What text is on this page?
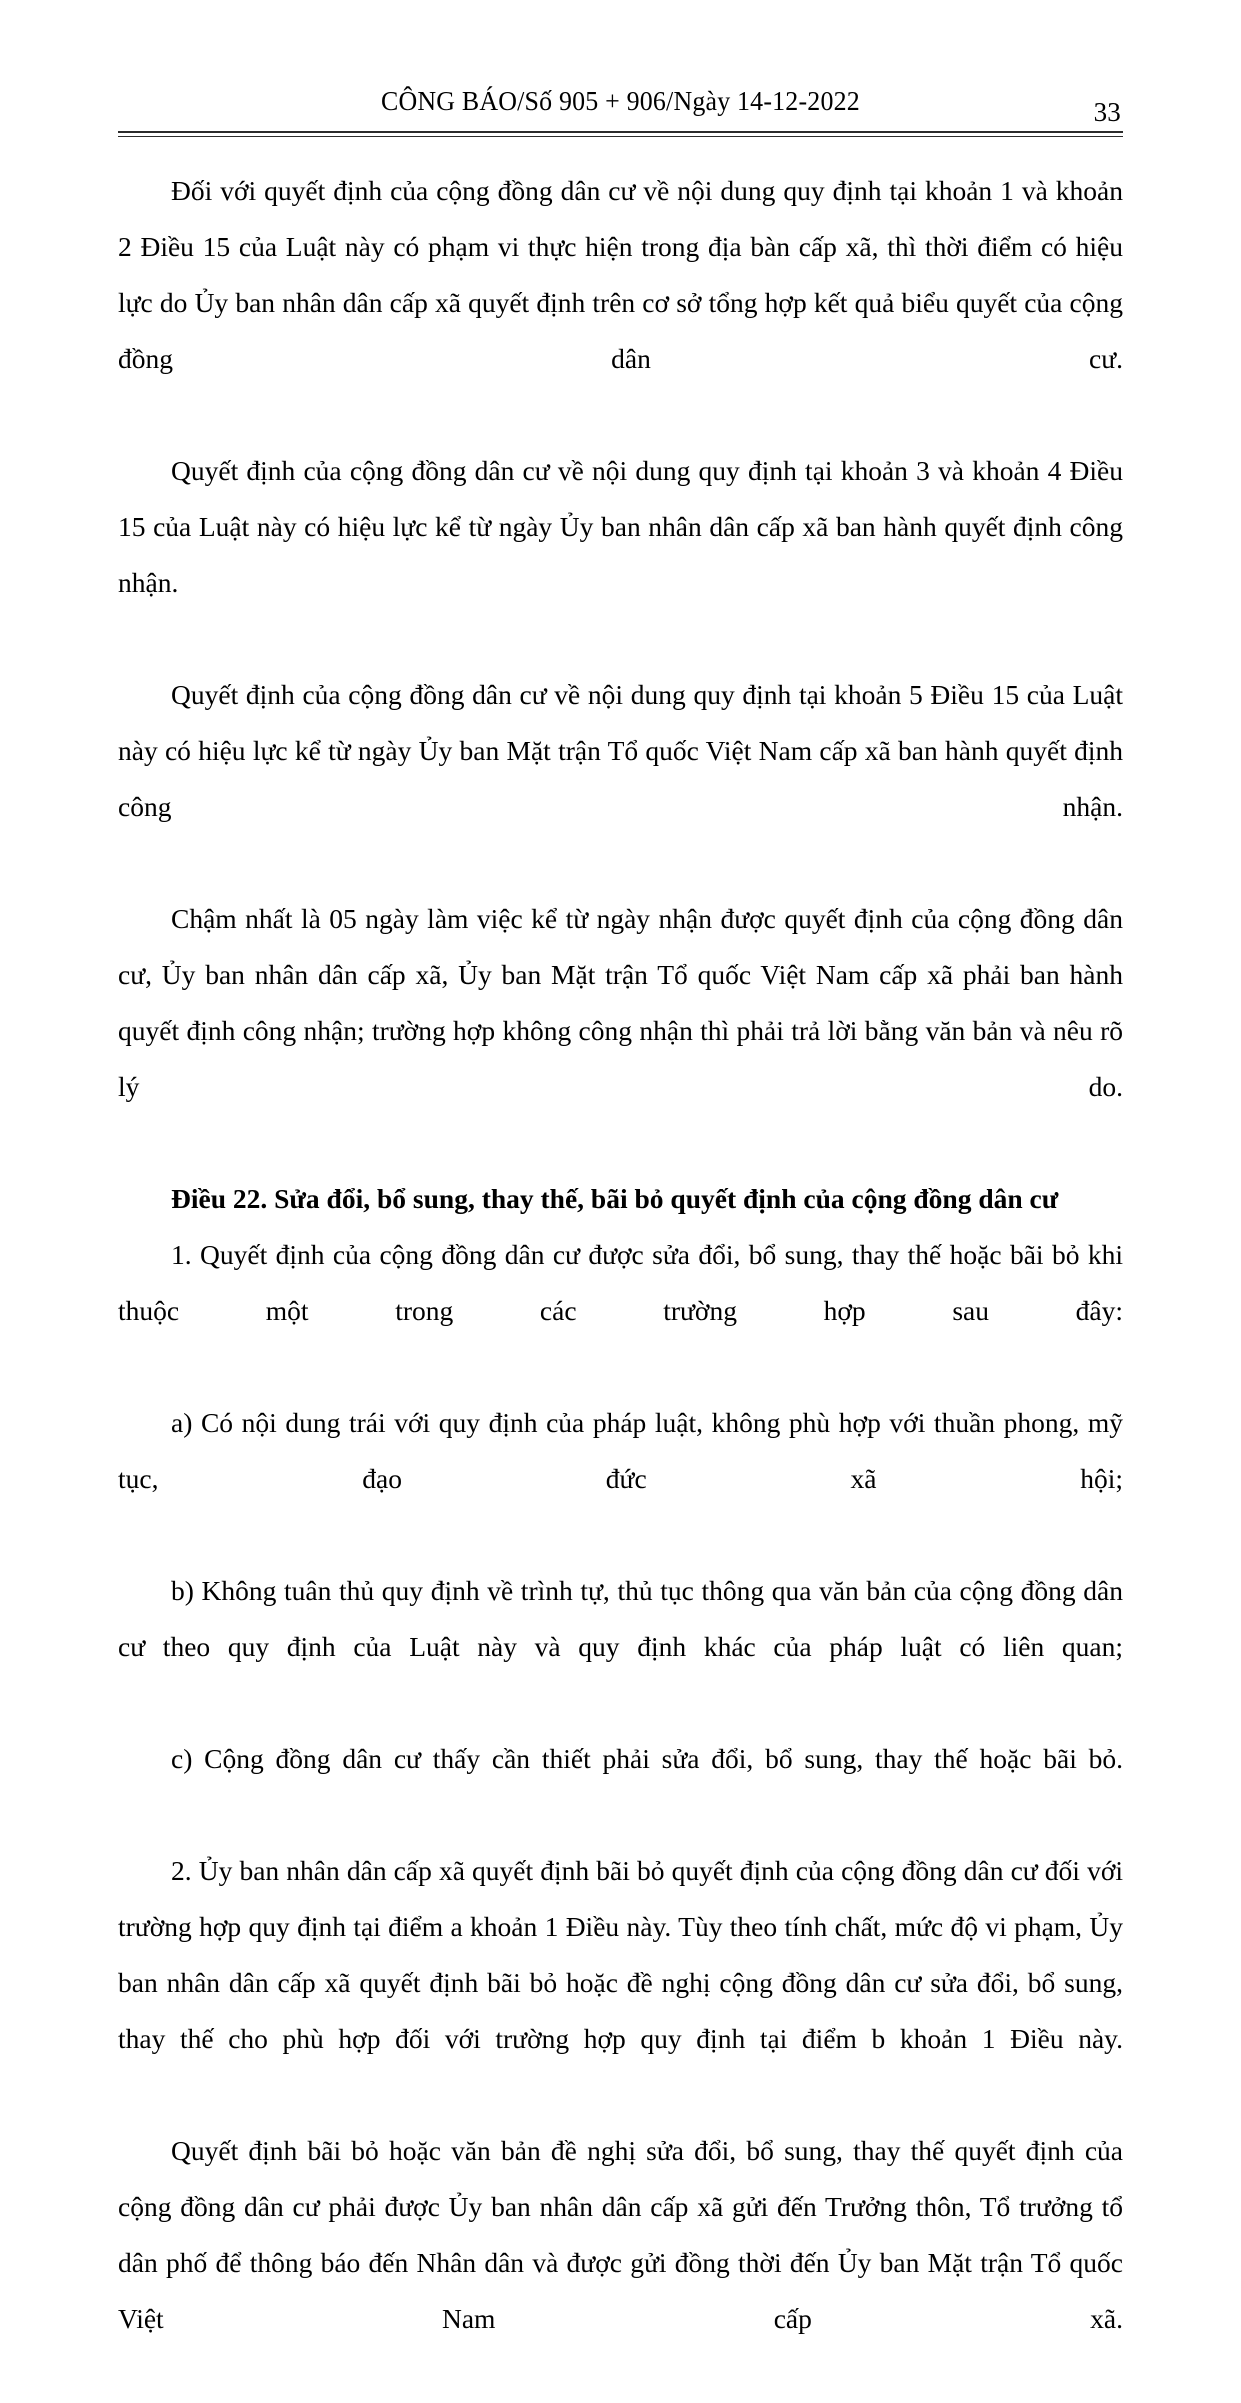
CÔNG BÁO/Số 905 + 906/Ngày 14-12-2022	33

Đối với quyết định của cộng đồng dân cư về nội dung quy định tại khoản 1 và khoản 2 Điều 15 của Luật này có phạm vi thực hiện trong địa bàn cấp xã, thì thời điểm có hiệu lực do Ủy ban nhân dân cấp xã quyết định trên cơ sở tổng hợp kết quả biểu quyết của cộng đồng dân cư.

Quyết định của cộng đồng dân cư về nội dung quy định tại khoản 3 và khoản 4 Điều 15 của Luật này có hiệu lực kể từ ngày Ủy ban nhân dân cấp xã ban hành quyết định công nhận.

Quyết định của cộng đồng dân cư về nội dung quy định tại khoản 5 Điều 15 của Luật này có hiệu lực kể từ ngày Ủy ban Mặt trận Tổ quốc Việt Nam cấp xã ban hành quyết định công nhận.

Chậm nhất là 05 ngày làm việc kể từ ngày nhận được quyết định của cộng đồng dân cư, Ủy ban nhân dân cấp xã, Ủy ban Mặt trận Tổ quốc Việt Nam cấp xã phải ban hành quyết định công nhận; trường hợp không công nhận thì phải trả lời bằng văn bản và nêu rõ lý do.

Điều 22. Sửa đổi, bổ sung, thay thế, bãi bỏ quyết định của cộng đồng dân cư

1. Quyết định của cộng đồng dân cư được sửa đổi, bổ sung, thay thế hoặc bãi bỏ khi thuộc một trong các trường hợp sau đây:

a) Có nội dung trái với quy định của pháp luật, không phù hợp với thuần phong, mỹ tục, đạo đức xã hội;

b) Không tuân thủ quy định về trình tự, thủ tục thông qua văn bản của cộng đồng dân cư theo quy định của Luật này và quy định khác của pháp luật có liên quan;

c) Cộng đồng dân cư thấy cần thiết phải sửa đổi, bổ sung, thay thế hoặc bãi bỏ.

2. Ủy ban nhân dân cấp xã quyết định bãi bỏ quyết định của cộng đồng dân cư đối với trường hợp quy định tại điểm a khoản 1 Điều này. Tùy theo tính chất, mức độ vi phạm, Ủy ban nhân dân cấp xã quyết định bãi bỏ hoặc đề nghị cộng đồng dân cư sửa đổi, bổ sung, thay thế cho phù hợp đối với trường hợp quy định tại điểm b khoản 1 Điều này.

Quyết định bãi bỏ hoặc văn bản đề nghị sửa đổi, bổ sung, thay thế quyết định của cộng đồng dân cư phải được Ủy ban nhân dân cấp xã gửi đến Trưởng thôn, Tổ trưởng tổ dân phố để thông báo đến Nhân dân và được gửi đồng thời đến Ủy ban Mặt trận Tổ quốc Việt Nam cấp xã.
